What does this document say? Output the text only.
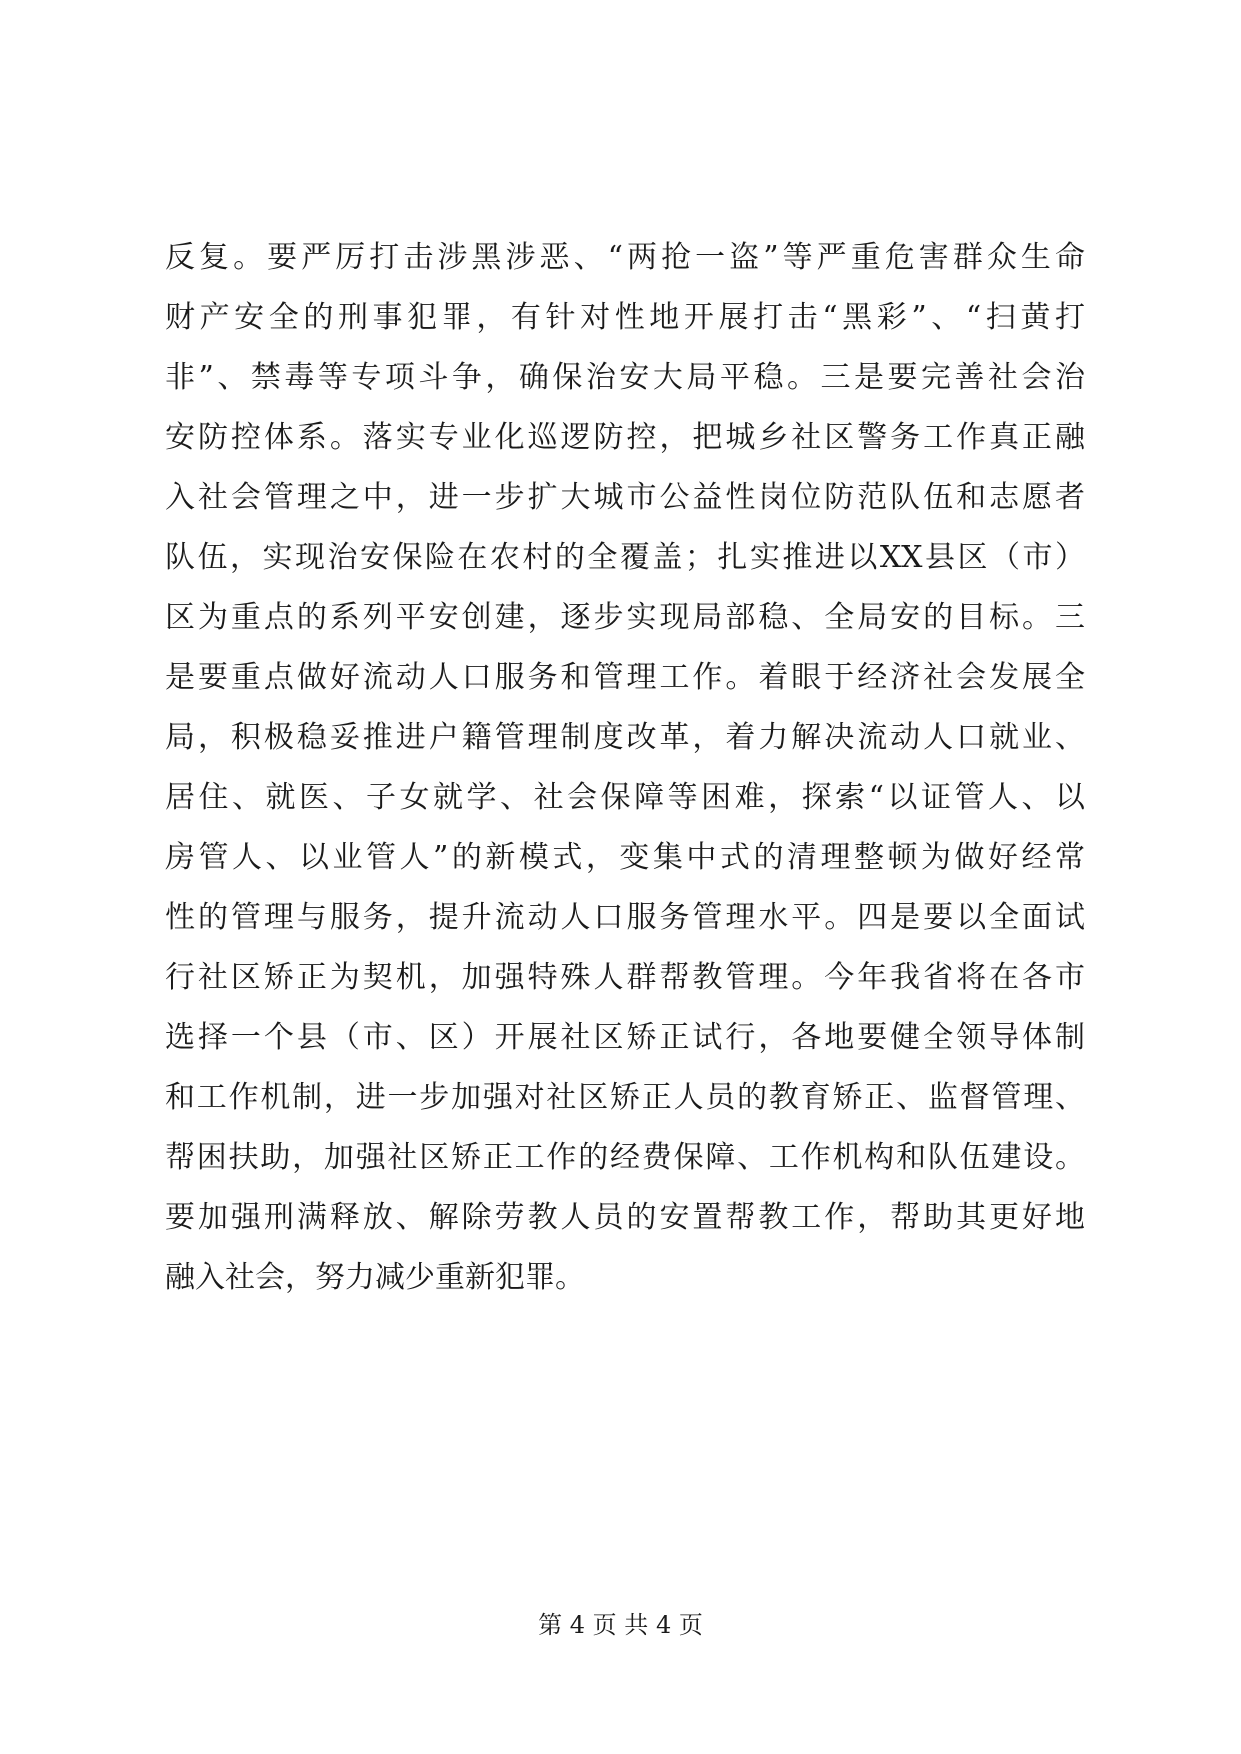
反复。要严厉打击涉黑涉恶、“两抢一盗”等严重危害群众生命
财产安全的刑事犯罪，有针对性地开展打击“黑彩”、“扫黄打
非”、禁毒等专项斗争，确保治安大局平稳。三是要完善社会治
安防控体系。落实专业化巡逻防控，把城乡社区警务工作真正融
入社会管理之中，进一步扩大城市公益性岗位防范队伍和志愿者
队伍，实现治安保险在农村的全覆盖；扎实推进以XX县区（市）
区为重点的系列平安创建，逐步实现局部稳、全局安的目标。三
是要重点做好流动人口服务和管理工作。着眼于经济社会发展全
局，积极稳妥推进户籍管理制度改革，着力解决流动人口就业、
居住、就医、子女就学、社会保障等困难，探索“以证管人、以
房管人、以业管人”的新模式，变集中式的清理整顿为做好经常
性的管理与服务，提升流动人口服务管理水平。四是要以全面试
行社区矫正为契机，加强特殊人群帮教管理。今年我省将在各市
选择一个县（市、区）开展社区矫正试行，各地要健全领导体制
和工作机制，进一步加强对社区矫正人员的教育矫正、监督管理、
帮困扶助，加强社区矫正工作的经费保障、工作机构和队伍建设。
要加强刑满释放、解除劳教人员的安置帮教工作，帮助其更好地
融入社会，努力减少重新犯罪。
第 4 页 共 4 页
